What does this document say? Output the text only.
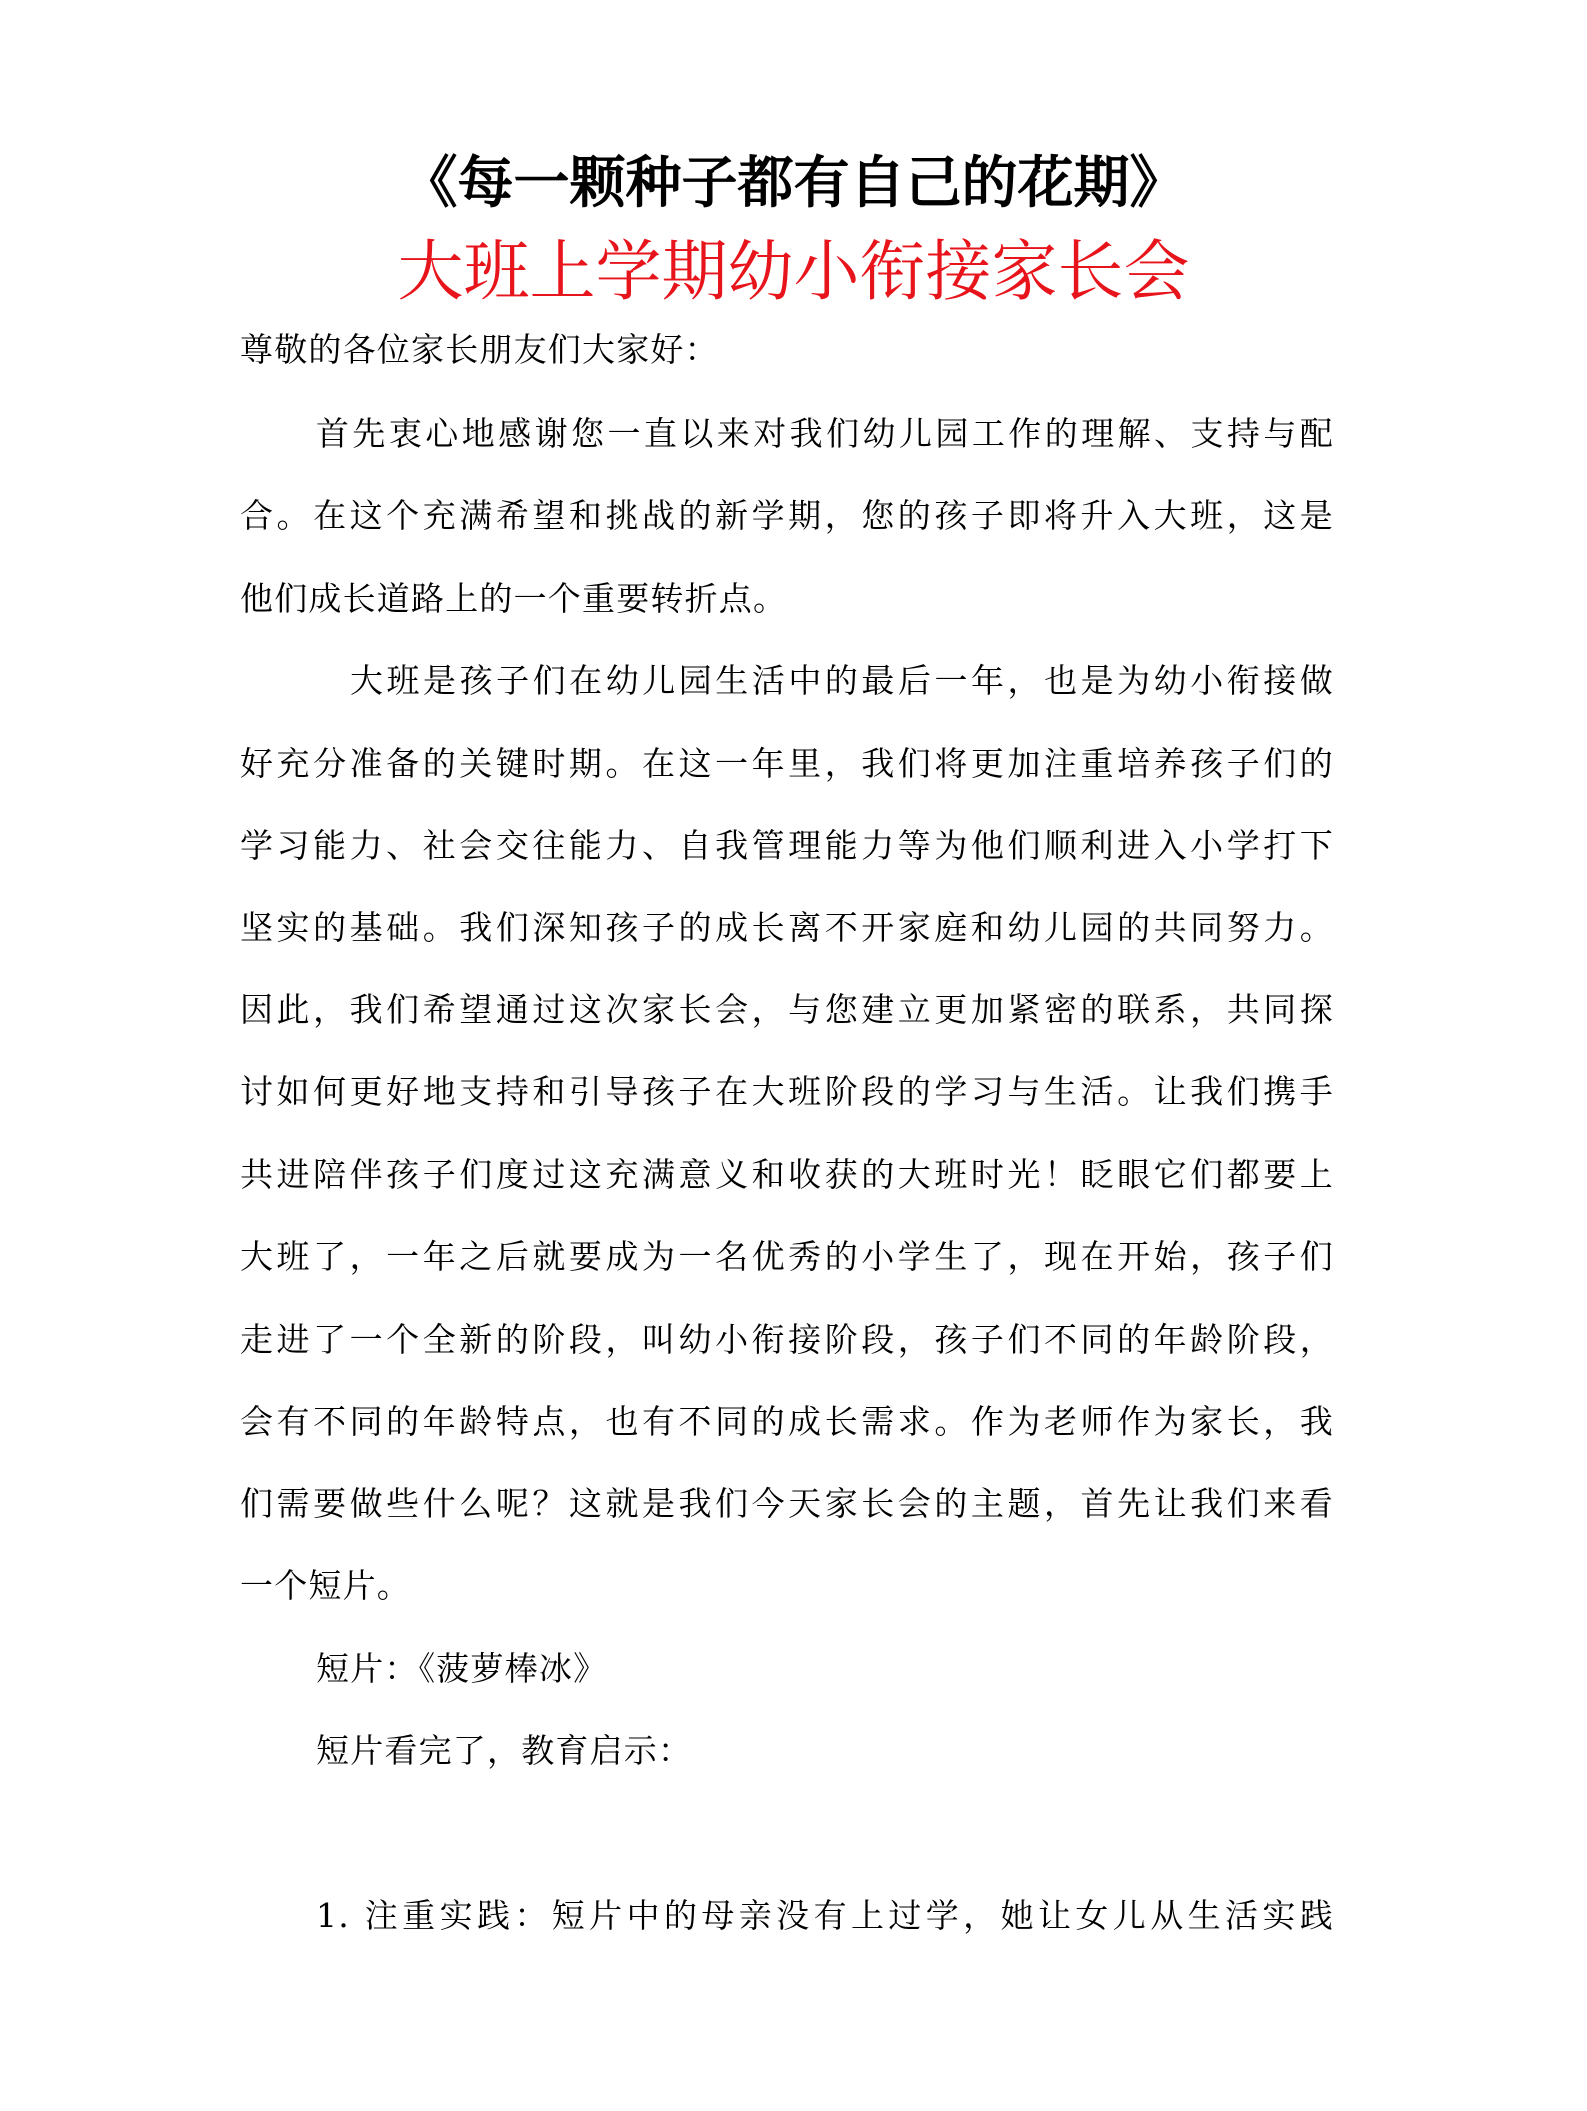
《每一颗种子都有自己的花期》
大班上学期幼小衔接家长会
尊敬的各位家长朋友们大家好：
首先衷心地感谢您一直以来对我们幼儿园工作的理解、支持与配
合。在这个充满希望和挑战的新学期，您的孩子即将升入大班，这是
他们成长道路上的一个重要转折点。
大班是孩子们在幼儿园生活中的最后一年，也是为幼小衔接做
好充分准备的关键时期。在这一年里，我们将更加注重培养孩子们的
学习能力、社会交往能力、自我管理能力等为他们顺利进入小学打下
坚实的基础。我们深知孩子的成长离不开家庭和幼儿园的共同努力。
因此，我们希望通过这次家长会，与您建立更加紧密的联系，共同探
讨如何更好地支持和引导孩子在大班阶段的学习与生活。让我们携手
共进陪伴孩子们度过这充满意义和收获的大班时光！眨眼它们都要上
大班了，一年之后就要成为一名优秀的小学生了，现在开始，孩子们
走进了一个全新的阶段，叫幼小衔接阶段，孩子们不同的年龄阶段，
会有不同的年龄特点，也有不同的成长需求。作为老师作为家长，我
们需要做些什么呢？这就是我们今天家长会的主题，首先让我们来看
一个短片。
短片：《菠萝棒冰》
短片看完了，教育启示：
1. 注重实践：短片中的母亲没有上过学，她让女儿从生活实践
